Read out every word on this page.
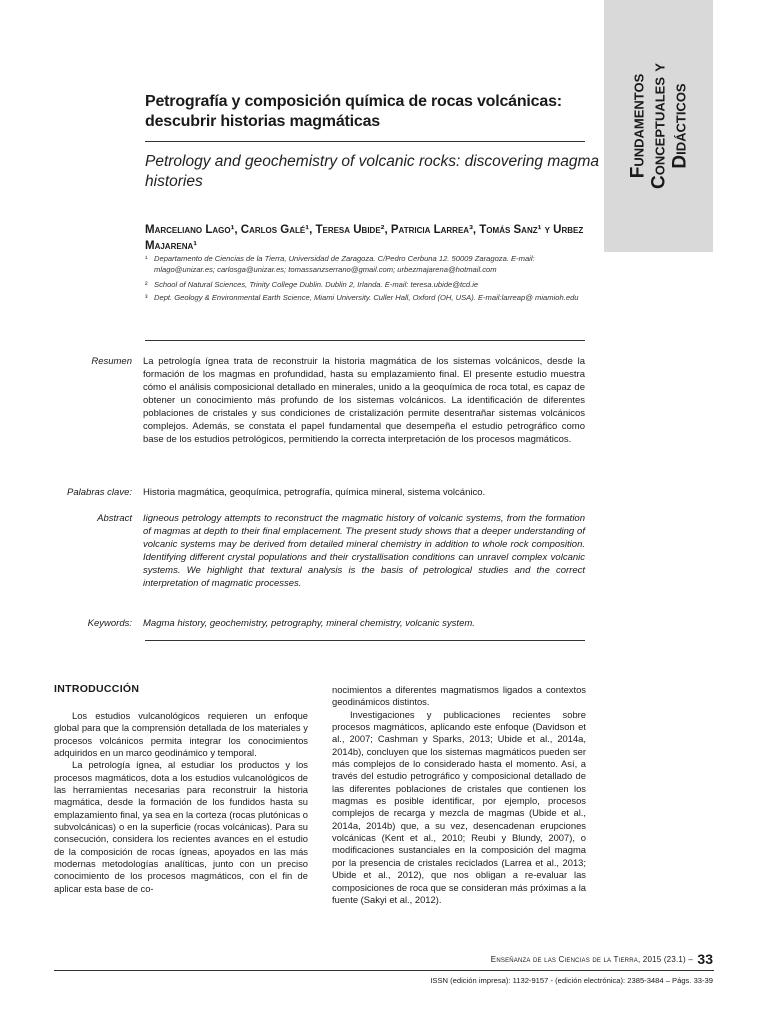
Fundamentos Conceptuales y Didácticos
Petrografía y composición química de rocas volcánicas: descubrir historias magmáticas
Petrology and geochemistry of volcanic rocks: discovering magma histories
Marceliano Lago¹, Carlos Galé¹, Teresa Ubide², Patricia Larrea³, Tomás Sanz¹ y Urbez Majarena¹
¹ Departamento de Ciencias de la Tierra, Universidad de Zaragoza. C/Pedro Cerbuna 12. 50009 Zaragoza. E-mail: mlago@unizar.es; carlosga@unizar.es; tomassanzserrano@gmail.com; urbezmajarena@hotmail.com
² School of Natural Sciences, Trinity College Dublin. Dublin 2, Irlanda. E-mail: teresa.ubide@tcd.ie
³ Dept. Geology & Environmental Earth Science, Miami University. Culler Hall, Oxford (OH, USA). E-mail:larreap@ miamioh.edu
Resumen La petrología ígnea trata de reconstruir la historia magmática de los sistemas volcánicos, desde la formación de los magmas en profundidad, hasta su emplazamiento final. El presente estudio muestra cómo el análisis composicional detallado en minerales, unido a la geoquímica de roca total, es capaz de obtener un conocimiento más profundo de los sistemas volcánicos. La identificación de diferentes poblaciones de cristales y sus condiciones de cristalización permite desentrañar sistemas volcánicos complejos. Además, se constata el papel fundamental que desempeña el estudio petrográfico como base de los estudios petrológicos, permitiendo la correcta interpretación de los procesos magmáticos.
Palabras clave: Historia magmática, geoquímica, petrografía, química mineral, sistema volcánico.
Abstract Iigneous petrology attempts to reconstruct the magmatic history of volcanic systems, from the formation of magmas at depth to their final emplacement. The present study shows that a deeper understanding of volcanic systems may be derived from detailed mineral chemistry in addition to whole rock composition. Identifying different crystal populations and their crystallisation conditions can unravel complex volcanic systems. We highlight that textural analysis is the basis of petrological studies and the correct interpretation of magmatic processes.
Keywords: Magma history, geochemistry, petrography, mineral chemistry, volcanic system.
INTRODUCCIÓN

Los estudios vulcanológicos requieren un enfoque global para que la comprensión detallada de los materiales y procesos volcánicos permita integrar los conocimientos adquiridos en un marco geodinámico y temporal.

La petrología ígnea, al estudiar los productos y los procesos magmáticos, dota a los estudios vulcanológicos de las herramientas necesarias para reconstruir la historia magmática, desde la formación de los fundidos hasta su emplazamiento final, ya sea en la corteza (rocas plutónicas o subvolcánicas) o en la superficie (rocas volcánicas). Para su consecución, considera los recientes avances en el estudio de la composición de rocas ígneas, apoyados en las más modernas metodologías analíticas, junto con un preciso conocimiento de los procesos magmáticos, con el fin de aplicar esta base de co-

nocimientos a diferentes magmatismos ligados a contextos geodinámicos distintos.

Investigaciones y publicaciones recientes sobre procesos magmáticos, aplicando este enfoque (Davidson et al., 2007; Cashman y Sparks, 2013; Ubide et al., 2014a, 2014b), concluyen que los sistemas magmáticos pueden ser más complejos de lo considerado hasta el momento. Así, a través del estudio petrográfico y composicional detallado de las diferentes poblaciones de cristales que contienen los magmas es posible identificar, por ejemplo, procesos complejos de recarga y mezcla de magmas (Ubide et al., 2014a, 2014b) que, a su vez, desencadenan erupciones volcánicas (Kent et al., 2010; Reubi y Blundy, 2007), o modificaciones sustanciales en la composición del magma por la presencia de cristales reciclados (Larrea et al., 2013; Ubide et al., 2012), que nos obligan a re-evaluar las composiciones de roca que se consideran más próximas a la fuente (Sakyi et al., 2012).

Enseñanza de las Ciencias de la Tierra, 2015 (23.1) – 33
ISSN (edición impresa): 1132-9157 - (edición electrónica): 2385-3484 – Págs. 33-39
